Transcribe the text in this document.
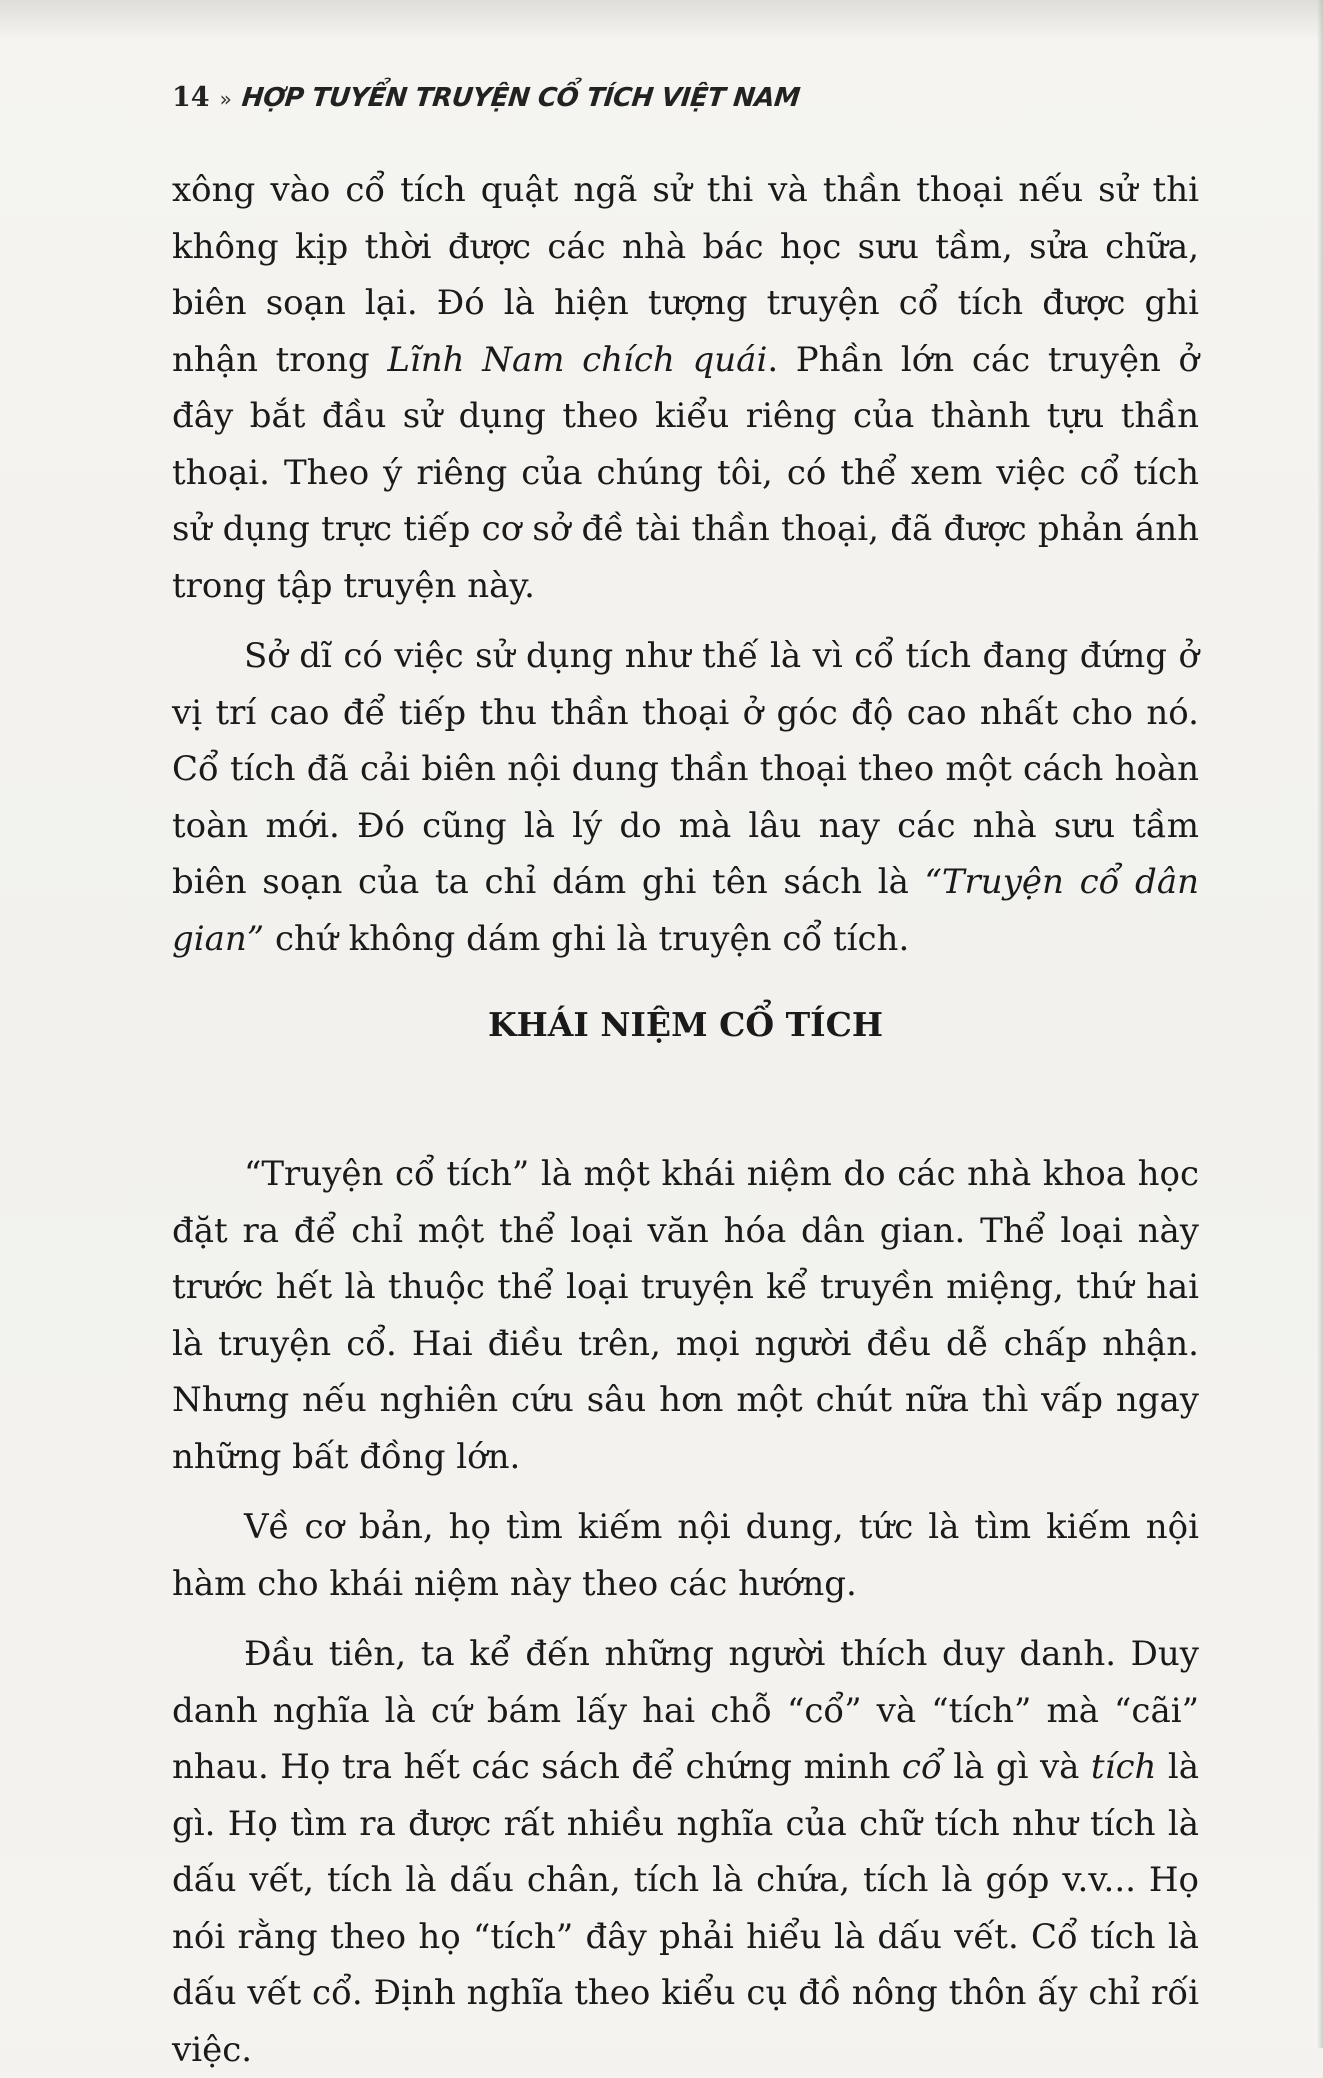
14 » HỢP TUYỂN TRUYỆN CỔ TÍCH VIỆT NAM

xông vào cổ tích quật ngã sử thi và thần thoại nếu sử thi không kịp thời được các nhà bác học sưu tầm, sửa chữa, biên soạn lại. Đó là hiện tượng truyện cổ tích được ghi nhận trong Lĩnh Nam chích quái. Phần lớn các truyện ở đây bắt đầu sử dụng theo kiểu riêng của thành tựu thần thoại. Theo ý riêng của chúng tôi, có thể xem việc cổ tích sử dụng trực tiếp cơ sở đề tài thần thoại, đã được phản ánh trong tập truyện này.

Sở dĩ có việc sử dụng như thế là vì cổ tích đang đứng ở vị trí cao để tiếp thu thần thoại ở góc độ cao nhất cho nó. Cổ tích đã cải biên nội dung thần thoại theo một cách hoàn toàn mới. Đó cũng là lý do mà lâu nay các nhà sưu tầm biên soạn của ta chỉ dám ghi tên sách là “Truyện cổ dân gian” chứ không dám ghi là truyện cổ tích.

KHÁI NIỆM CỔ TÍCH

“Truyện cổ tích” là một khái niệm do các nhà khoa học đặt ra để chỉ một thể loại văn hóa dân gian. Thể loại này trước hết là thuộc thể loại truyện kể truyền miệng, thứ hai là truyện cổ. Hai điều trên, mọi người đều dễ chấp nhận. Nhưng nếu nghiên cứu sâu hơn một chút nữa thì vấp ngay những bất đồng lớn.

Về cơ bản, họ tìm kiếm nội dung, tức là tìm kiếm nội hàm cho khái niệm này theo các hướng.

Đầu tiên, ta kể đến những người thích duy danh. Duy danh nghĩa là cứ bám lấy hai chỗ “cổ” và “tích” mà “cãi” nhau. Họ tra hết các sách để chứng minh cổ là gì và tích là gì. Họ tìm ra được rất nhiều nghĩa của chữ tích như tích là dấu vết, tích là dấu chân, tích là chứa, tích là góp v.v... Họ nói rằng theo họ “tích” đây phải hiểu là dấu vết. Cổ tích là dấu vết cổ. Định nghĩa theo kiểu cụ đồ nông thôn ấy chỉ rối việc.
